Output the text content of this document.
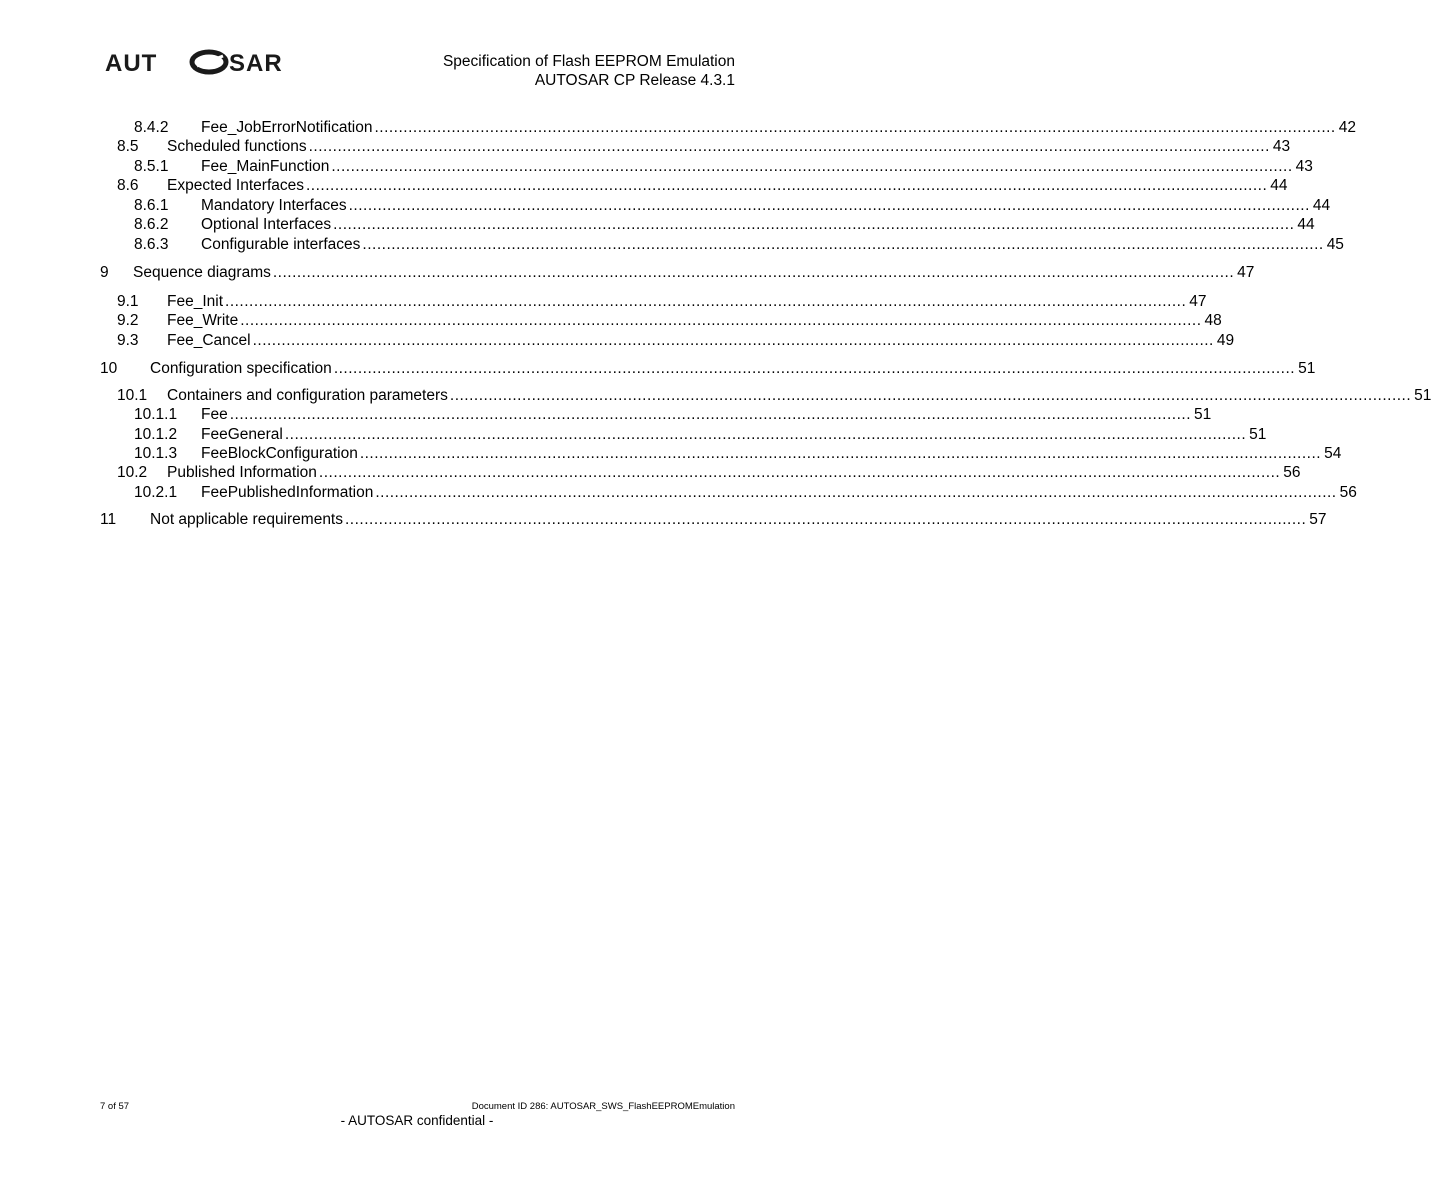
AUT	SAR	Specification of Flash EEPROM Emulation
AUTOSAR CP Release 4.3.1
8.4.2 Fee_JobErrorNotification ........................................................................................................................................................................................................ 42
8.5 Scheduled functions ........................................................................................................................................................................................................ 43
8.5.1 Fee_MainFunction ........................................................................................................................................................................................................ 43
8.6 Expected Interfaces ........................................................................................................................................................................................................ 44
8.6.1 Mandatory Interfaces ........................................................................................................................................................................................................ 44
8.6.2 Optional Interfaces ........................................................................................................................................................................................................ 44
8.6.3 Configurable interfaces ........................................................................................................................................................................................................ 45
9 Sequence diagrams ........................................................................................................................................................................................................ 47
9.1 Fee_Init ........................................................................................................................................................................................................ 47
9.2 Fee_Write ........................................................................................................................................................................................................ 48
9.3 Fee_Cancel ........................................................................................................................................................................................................ 49
10 Configuration specification ........................................................................................................................................................................................................ 51
10.1 Containers and configuration parameters ........................................................................................................................................................................................................ 51
10.1.1 Fee ........................................................................................................................................................................................................ 51
10.1.2 FeeGeneral ........................................................................................................................................................................................................ 51
10.1.3 FeeBlockConfiguration ........................................................................................................................................................................................................ 54
10.2 Published Information ........................................................................................................................................................................................................ 56
10.2.1 FeePublishedInformation ........................................................................................................................................................................................................ 56
11 Not applicable requirements ........................................................................................................................................................................................................ 57
7 of 57	Document ID 286: AUTOSAR_SWS_FlashEEPROMEmulation
- AUTOSAR confidential -
